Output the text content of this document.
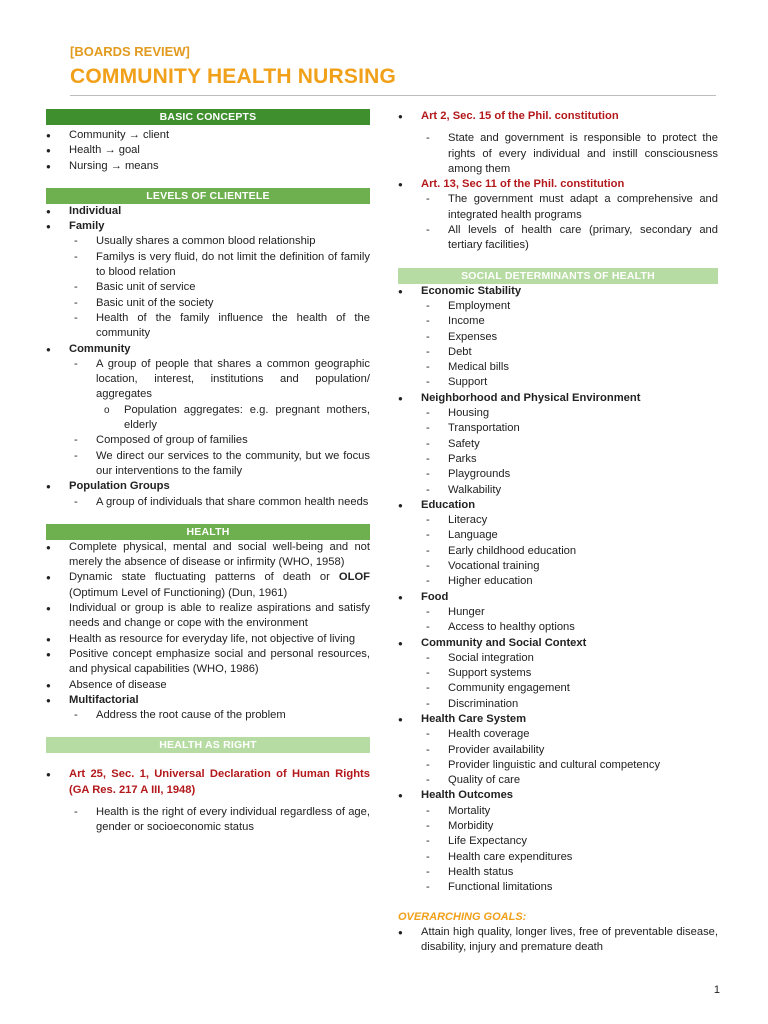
[BOARDS REVIEW]
COMMUNITY HEALTH NURSING
BASIC CONCEPTS
● Community → client
● Health → goal
● Nursing → means
LEVELS OF CLIENTELE
● Individual
● Family
- Usually shares a common blood relationship
- Familys is very fluid, do not limit the definition of family to blood relation
- Basic unit of service
- Basic unit of the society
- Health of the family influence the health of the community
● Community
- A group of people that shares a common geographic location, interest, institutions and population/ aggregates
o Population aggregates: e.g. pregnant mothers, elderly
- Composed of group of families
- We direct our services to the community, but we focus our interventions to the family
● Population Groups
- A group of individuals that share common health needs
HEALTH
● Complete physical, mental and social well-being and not merely the absence of disease or infirmity (WHO, 1958)
● Dynamic state fluctuating patterns of death or OLOF (Optimum Level of Functioning) (Dun, 1961)
● Individual or group is able to realize aspirations and satisfy needs and change or cope with the environment
● Health as resource for everyday life, not objective of living
● Positive concept emphasize social and personal resources, and physical capabilities (WHO, 1986)
● Absence of disease
● Multifactorial
- Address the root cause of the problem
HEALTH AS RIGHT
● Art 25, Sec. 1, Universal Declaration of Human Rights (GA Res. 217 A III, 1948)
- Health is the right of every individual regardless of age, gender or socioeconomic status
● Art 2, Sec. 15 of the Phil. constitution
- State and government is responsible to protect the rights of every individual and instill consciousness among them
● Art. 13, Sec 11 of the Phil. constitution
- The government must adapt a comprehensive and integrated health programs
- All levels of health care (primary, secondary and tertiary facilities)
SOCIAL DETERMINANTS OF HEALTH
● Economic Stability
- Employment
- Income
- Expenses
- Debt
- Medical bills
- Support
● Neighborhood and Physical Environment
- Housing
- Transportation
- Safety
- Parks
- Playgrounds
- Walkability
● Education
- Literacy
- Language
- Early childhood education
- Vocational training
- Higher education
● Food
- Hunger
- Access to healthy options
● Community and Social Context
- Social integration
- Support systems
- Community engagement
- Discrimination
● Health Care System
- Health coverage
- Provider availability
- Provider linguistic and cultural competency
- Quality of care
● Health Outcomes
- Mortality
- Morbidity
- Life Expectancy
- Health care expenditures
- Health status
- Functional limitations
OVERARCHING GOALS:
● Attain high quality, longer lives, free of preventable disease, disability, injury and premature death
1
